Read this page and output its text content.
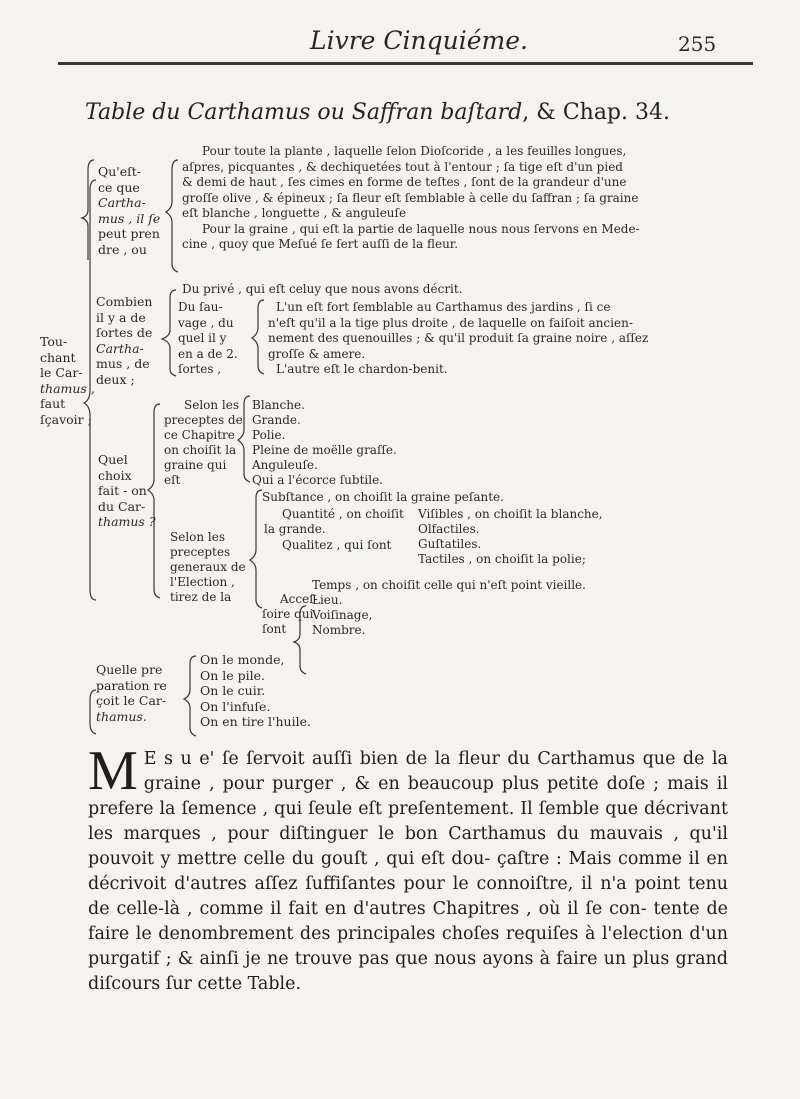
Livre Cinquiéme.	255
Table du Carthamus ou Saffran baſtard, & Chap. 34.
Qu'eſt-
ce que
Cartha-
mus , il ſe
peut pren
dre , ou
Pour toute la plante , laquelle ſelon Dioſcoride , a les feuilles longues,
aſpres, picquantes , & dechiquetées tout à l'entour ; ſa tige eſt d'un pied
& demi de haut , ſes cimes en forme de teſtes , ſont de la grandeur d'une
groſſe olive , & épineux ; ſa fleur eſt ſemblable à celle du ſaffran ; ſa graine
eſt blanche , longuette , & anguleuſe
Pour la graine , qui eſt la partie de laquelle nous nous ſervons en Mede-
cine , quoy que Meſué ſe ſert auſſi de la fleur.
Tou-
chant
le Car-
thamus ,
faut
ſçavoir ;
Combien
il y a de
ſortes de
Cartha-
mus , de
deux ;
Du privé , qui eſt celuy que nous avons décrit.
Du ſau-
vage , du
quel il y
en a de 2.
ſortes ,
L'un eſt fort ſemblable au Carthamus des jardins , ſi ce
n'eſt qu'il a la tige plus droite , de laquelle on faiſoit ancien-
nement des quenouilles ; & qu'il produit ſa graine noire , aſſez
groſſe & amere.
L'autre eſt le chardon-benit.
Quel
choix
fait - on
du Car-
thamus ?
Selon les
preceptes de
ce Chapitre
on choiſit la
graine qui
eſt
Blanche.
Grande.
Polie.
Pleine de moëlle graſſe.
Anguleuſe.
Qui a l'écorce ſubtile.
Selon les
preceptes
generaux de
l'Election ,
tirez de la
Subſtance , on choiſit la graine peſante.
Quantité , on choiſit
la grande.
Qualitez , qui ſont
Viſibles , on choiſit la blanche,
Olfactiles.
Guſtatiles.
Tactiles , on choiſit la polie;
Acceſ-
ſoire qui
ſont
Temps , on choiſit celle qui n'eſt point vieille.
Lieu.
Voiſinage,
Nombre.
Quelle pre
paration re
çoit le Car-
thamus.
On le monde,
On le pile.
On le cuir.
On l'infuſe.
On en tire l'huile.
M E s u e' ſe ſervoit auſſi bien de la fleur du Carthamus que de la graine , pour purger , & en beaucoup plus petite doſe ; mais il prefere la ſemence , qui ſeule eſt preſentement. Il ſemble que décrivant les marques , pour diſtinguer le bon Carthamus du mauvais , qu'il pouvoit y mettre celle du gouſt , qui eſt dou- çaſtre : Mais comme il en décrivoit d'autres aſſez ſuffiſantes pour le connoiſtre, il n'a point tenu de celle-là , comme il fait en d'autres Chapitres , où il ſe con- tente de faire le denombrement des principales choſes requiſes à l'election d'un purgatif ; & ainſi je ne trouve pas que nous ayons à faire un plus grand diſcours ſur cette Table.
